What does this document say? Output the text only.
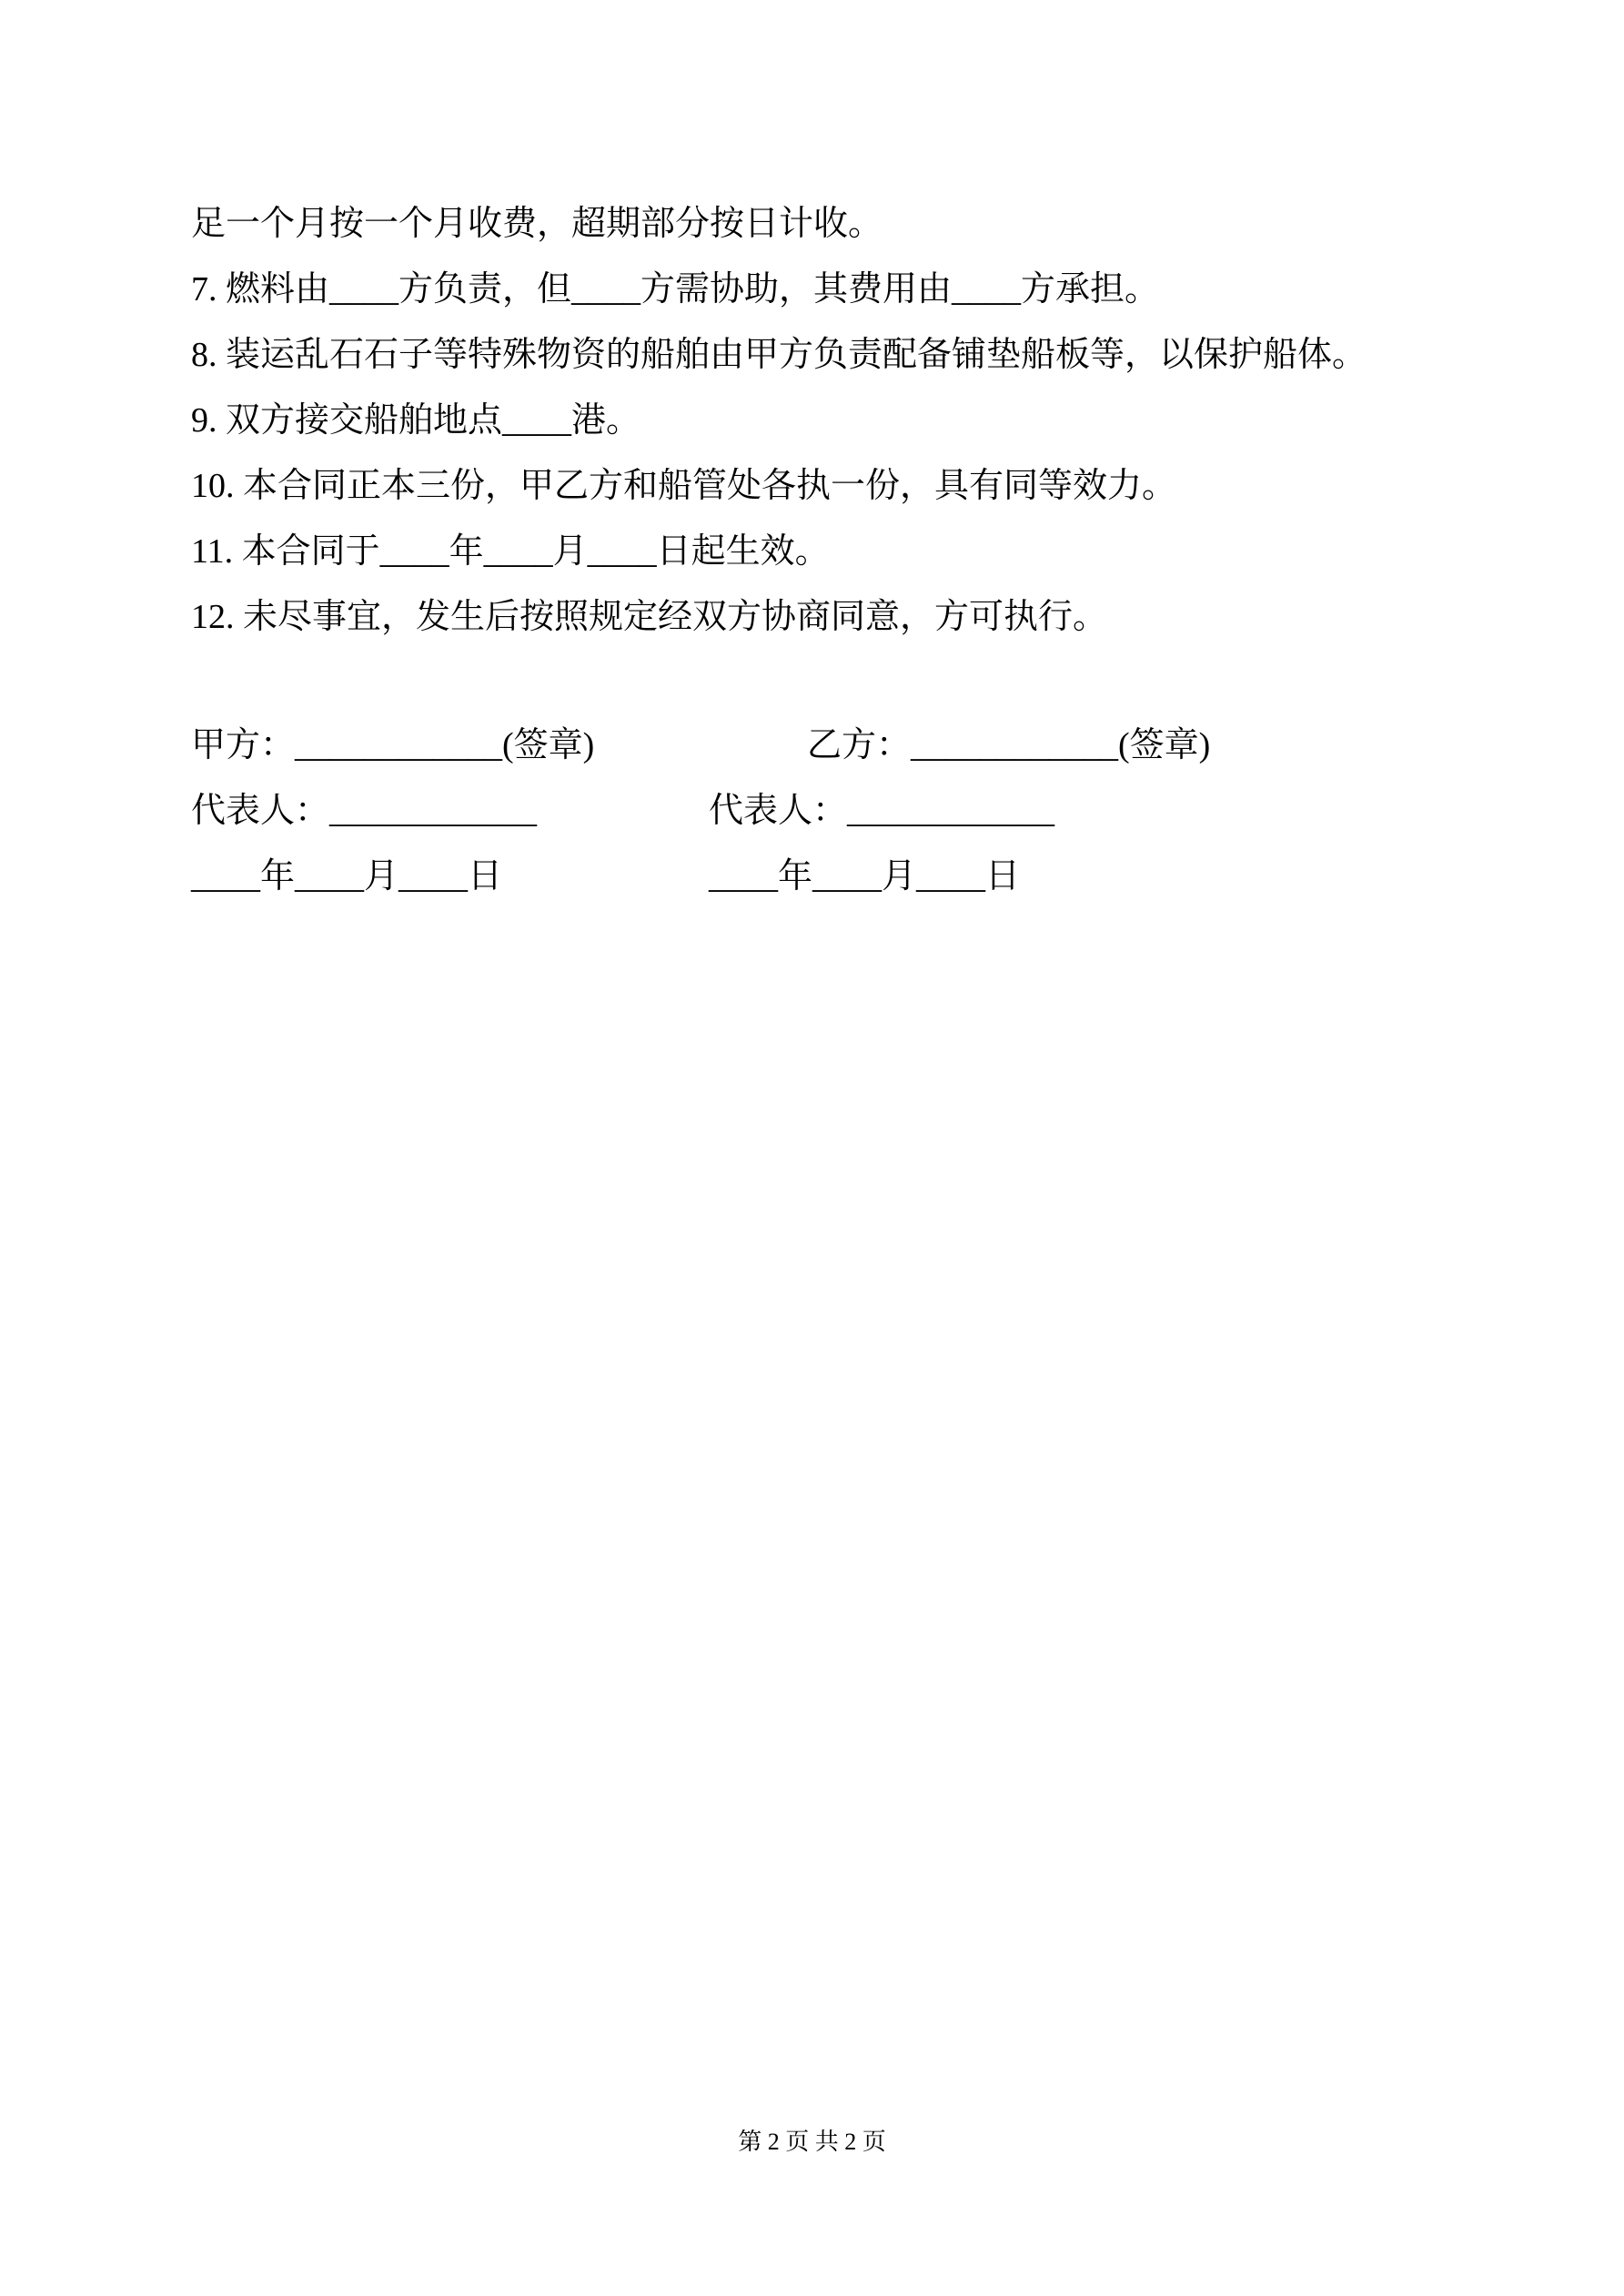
足一个月按一个月收费，超期部分按日计收。

7. 燃料由____方负责，但____方需协助，其费用由____方承担。

8. 装运乱石石子等特殊物资的船舶由甲方负责配备铺垫船板等，以保护船体。

9. 双方接交船舶地点____港。

10. 本合同正本三份，甲乙方和船管处各执一份，具有同等效力。

11. 本合同于____年____月____日起生效。

12. 未尽事宜，发生后按照规定经双方协商同意，方可执行。

甲方：____________(签章)	乙方：____________(签章)
代表人：____________	代表人：____________
____年____月____日	____年____月____日
第 2 页 共 2 页
